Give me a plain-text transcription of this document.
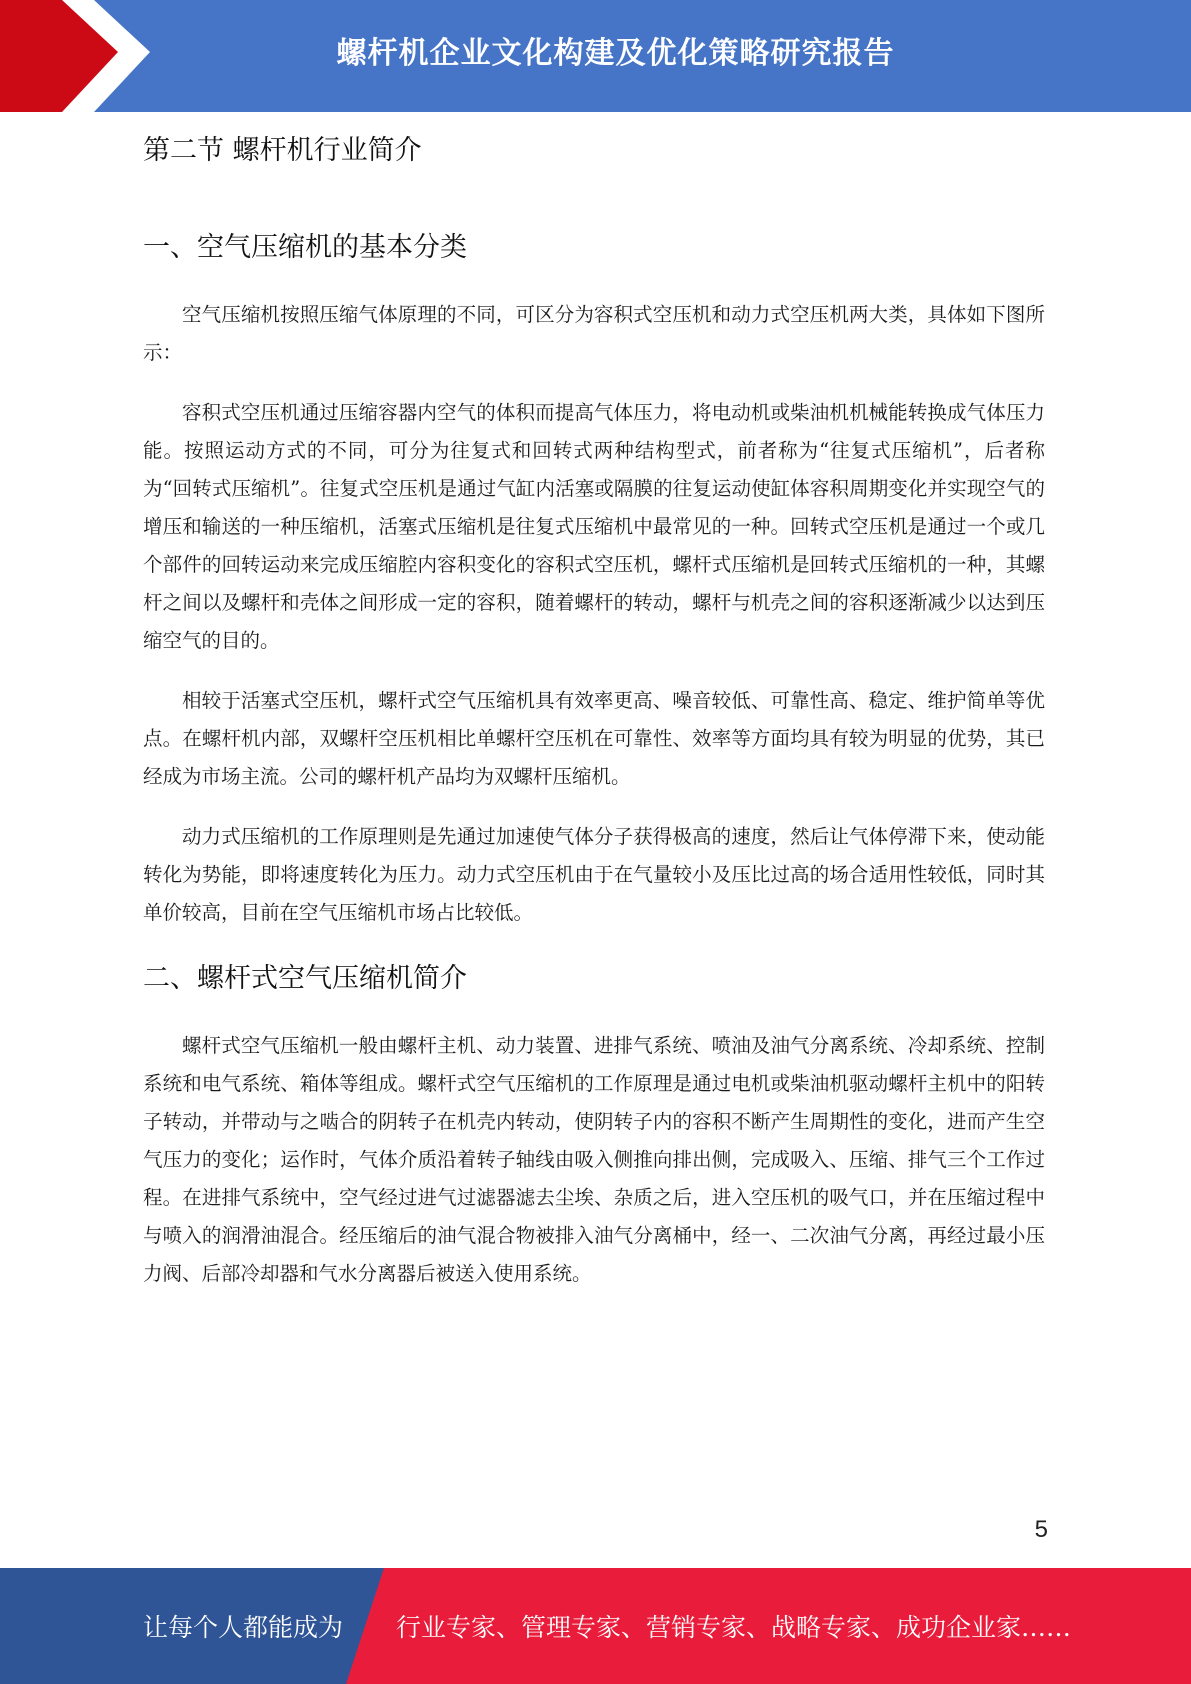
螺杆机企业文化构建及优化策略研究报告
第二节 螺杆机行业简介
一、空气压缩机的基本分类

空气压缩机按照压缩气体原理的不同，可区分为容积式空压机和动力式空压机两大类，具体如下图所示：

容积式空压机通过压缩容器内空气的体积而提高气体压力，将电动机或柴油机机械能转换成气体压力能。按照运动方式的不同，可分为往复式和回转式两种结构型式，前者称为“往复式压缩机”，后者称为“回转式压缩机”。往复式空压机是通过气缸内活塞或隔膜的往复运动使缸体容积周期变化并实现空气的增压和输送的一种压缩机，活塞式压缩机是往复式压缩机中最常见的一种。回转式空压机是通过一个或几个部件的回转运动来完成压缩腔内容积变化的容积式空压机，螺杆式压缩机是回转式压缩机的一种，其螺杆之间以及螺杆和壳体之间形成一定的容积，随着螺杆的转动，螺杆与机壳之间的容积逐渐减少以达到压缩空气的目的。

相较于活塞式空压机，螺杆式空气压缩机具有效率更高、噪音较低、可靠性高、稳定、维护简单等优点。在螺杆机内部，双螺杆空压机相比单螺杆空压机在可靠性、效率等方面均具有较为明显的优势，其已经成为市场主流。公司的螺杆机产品均为双螺杆压缩机。

动力式压缩机的工作原理则是先通过加速使气体分子获得极高的速度，然后让气体停滞下来，使动能转化为势能，即将速度转化为压力。动力式空压机由于在气量较小及压比过高的场合适用性较低，同时其单价较高，目前在空气压缩机市场占比较低。

二、螺杆式空气压缩机简介

螺杆式空气压缩机一般由螺杆主机、动力装置、进排气系统、喷油及油气分离系统、冷却系统、控制系统和电气系统、箱体等组成。螺杆式空气压缩机的工作原理是通过电机或柴油机驱动螺杆主机中的阳转子转动，并带动与之啮合的阴转子在机壳内转动，使阴转子内的容积不断产生周期性的变化，进而产生空气压力的变化；运作时，气体介质沿着转子轴线由吸入侧推向排出侧，完成吸入、压缩、排气三个工作过程。在进排气系统中，空气经过进气过滤器滤去尘埃、杂质之后，进入空压机的吸气口，并在压缩过程中与喷入的润滑油混合。经压缩后的油气混合物被排入油气分离桶中，经一、二次油气分离，再经过最小压力阀、后部冷却器和气水分离器后被送入使用系统。

5
让每个人都能成为 行业专家、管理专家、营销专家、战略专家、成功企业家……
